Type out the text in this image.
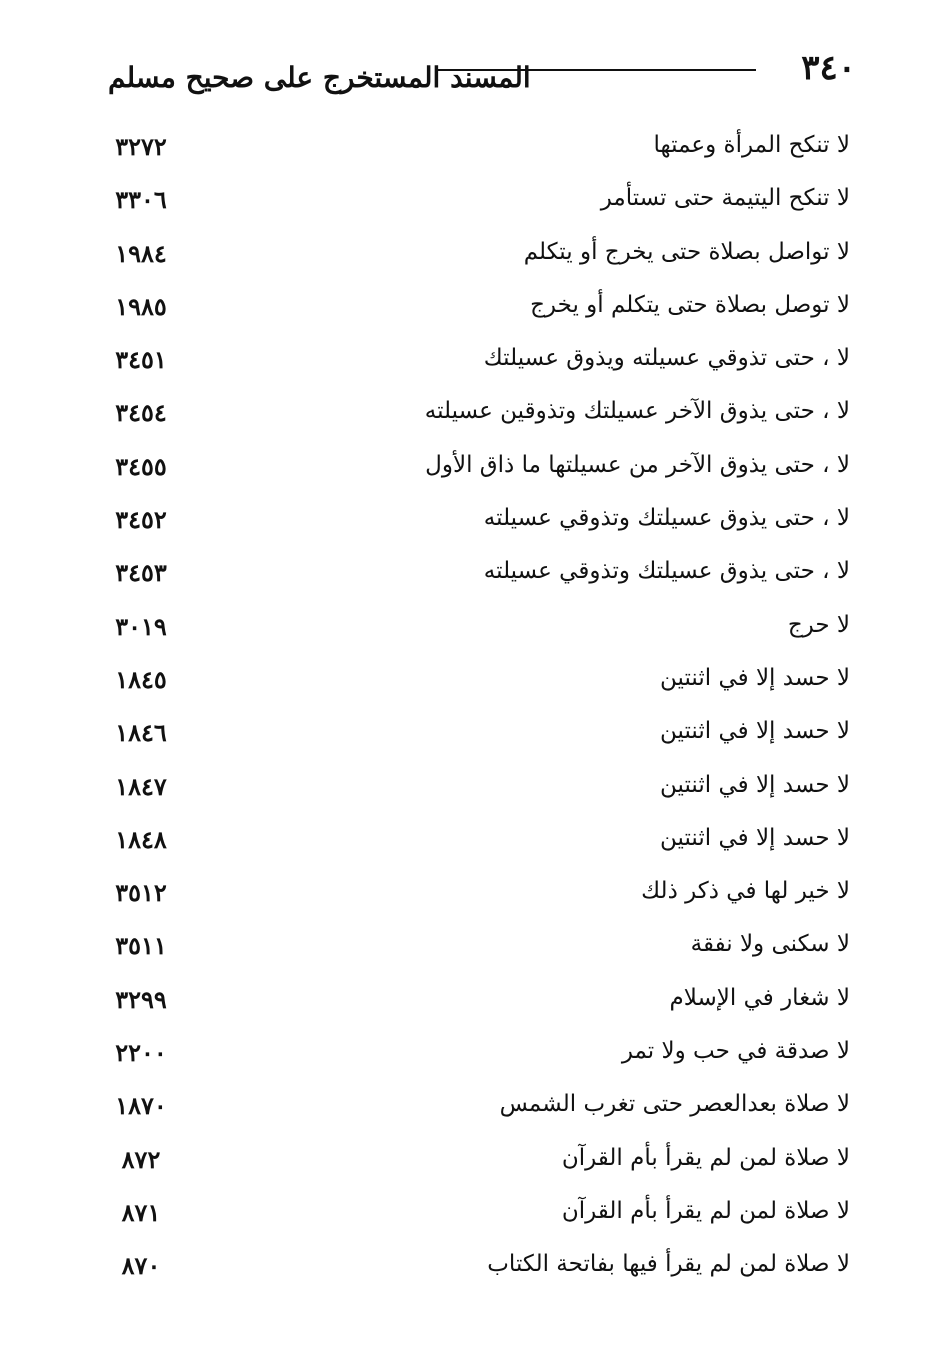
٣٤٠
المسند المستخرج على صحيح مسلم
لا تنكح المرأة وعمتها
٣٢٧٢
لا تنكح اليتيمة حتى تستأمر
٣٣٠٦
لا تواصل بصلاة حتى يخرج أو يتكلم
١٩٨٤
لا توصل بصلاة حتى يتكلم أو يخرج
١٩٨٥
لا ، حتى تذوقي عسيلته ويذوق عسيلتك
٣٤٥١
لا ، حتى يذوق الآخر عسيلتك وتذوقين عسيلته
٣٤٥٤
لا ، حتى يذوق الآخر من عسيلتها ما ذاق الأول
٣٤٥٥
لا ، حتى يذوق عسيلتك وتذوقي عسيلته
٣٤٥٢
لا ، حتى يذوق عسيلتك وتذوقي عسيلته
٣٤٥٣
لا حرج
٣٠١٩
لا حسد إلا في اثنتين
١٨٤٥
لا حسد إلا في اثنتين
١٨٤٦
لا حسد إلا في اثنتين
١٨٤٧
لا حسد إلا في اثنتين
١٨٤٨
لا خير لها في ذكر ذلك
٣٥١٢
لا سكنى ولا نفقة
٣٥١١
لا شغار في الإسلام
٣٢٩٩
لا صدقة في حب ولا تمر
٢٢٠٠
لا صلاة بعدالعصر حتى تغرب الشمس
١٨٧٠
لا صلاة لمن لم يقرأ بأم القرآن
٨٧٢
لا صلاة لمن لم يقرأ بأم القرآن
٨٧١
لا صلاة لمن لم يقرأ فيها بفاتحة الكتاب
٨٧٠
